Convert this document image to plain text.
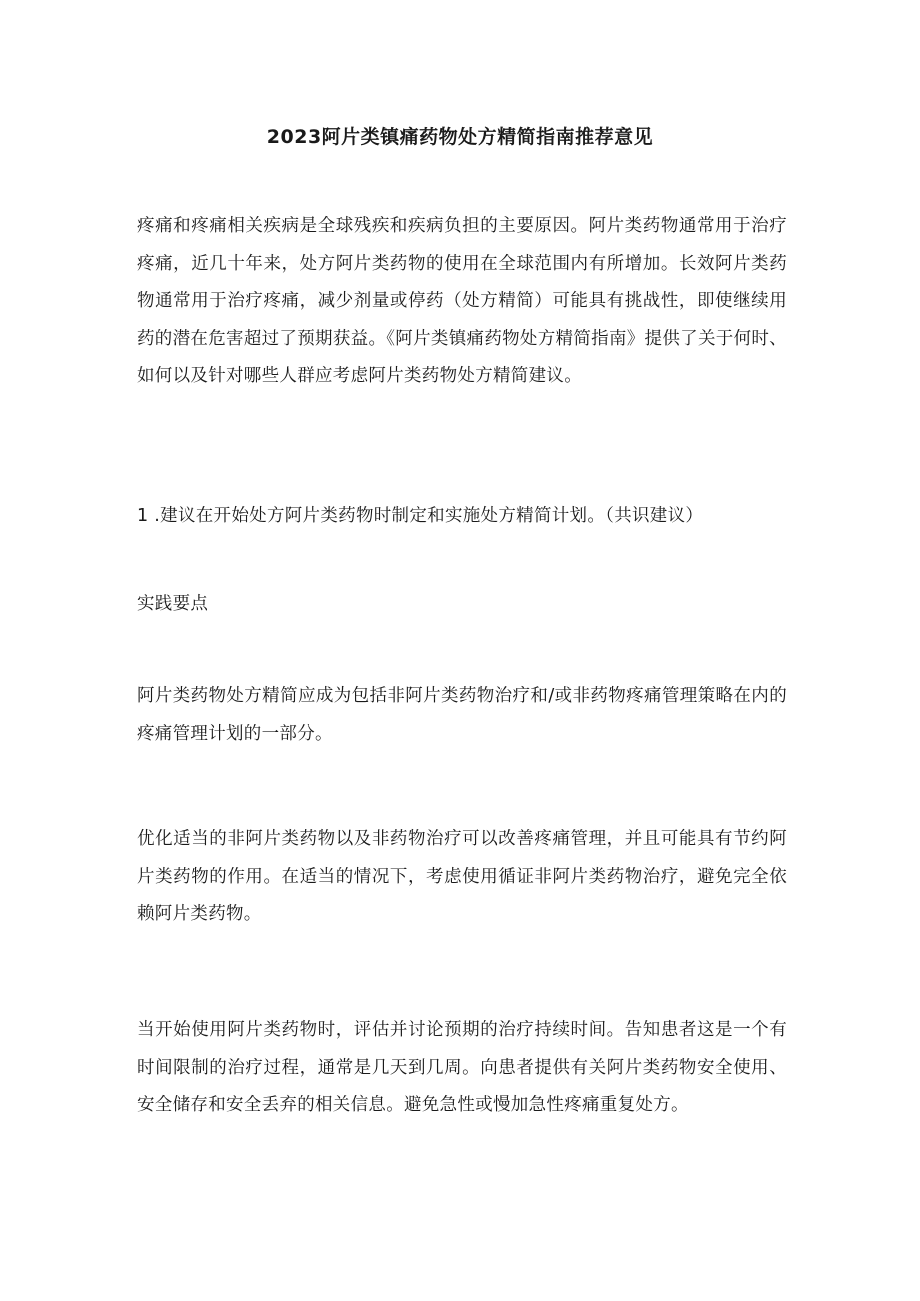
2023阿片类镇痛药物处方精简指南推荐意见

疼痛和疼痛相关疾病是全球残疾和疾病负担的主要原因。阿片类药物通常用于治疗疼痛，近几十年来，处方阿片类药物的使用在全球范围内有所增加。长效阿片类药物通常用于治疗疼痛，减少剂量或停药（处方精简）可能具有挑战性，即使继续用药的潜在危害超过了预期获益。《阿片类镇痛药物处方精简指南》提供了关于何时、如何以及针对哪些人群应考虑阿片类药物处方精简建议。

1 .建议在开始处方阿片类药物时制定和实施处方精简计划。（共识建议）

实践要点

阿片类药物处方精简应成为包括非阿片类药物治疗和/或非药物疼痛管理策略在内的疼痛管理计划的一部分。

优化适当的非阿片类药物以及非药物治疗可以改善疼痛管理，并且可能具有节约阿片类药物的作用。在适当的情况下，考虑使用循证非阿片类药物治疗，避免完全依赖阿片类药物。

当开始使用阿片类药物时，评估并讨论预期的治疗持续时间。告知患者这是一个有时间限制的治疗过程，通常是几天到几周。向患者提供有关阿片类药物安全使用、安全储存和安全丢弃的相关信息。避免急性或慢加急性疼痛重复处方。
